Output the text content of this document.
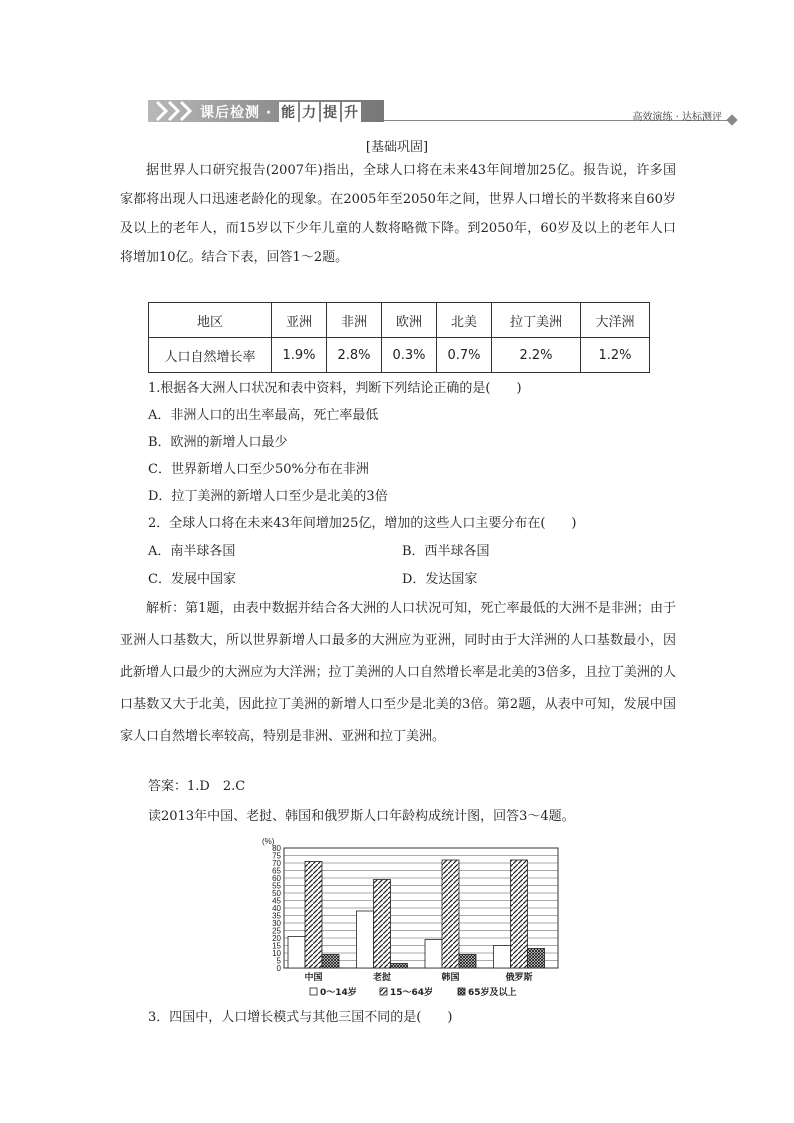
课后检测 · 能 力 提 升	高效演练 · 达标测评
[基础巩固]
据世界人口研究报告(2007年)指出，全球人口将在未来43年间增加25亿。报告说，许多国家都将出现人口迅速老龄化的现象。在2005年至2050年之间，世界人口增长的半数将来自60岁及以上的老年人，而15岁以下少年儿童的人数将略微下降。到2050年，60岁及以上的老年人口将增加10亿。结合下表，回答1～2题。
地区	亚洲	非洲	欧洲	北美	拉丁美洲	大洋洲
人口自然增长率	1.9%	2.8%	0.3%	0.7%	2.2%	1.2%
1.根据各大洲人口状况和表中资料，判断下列结论正确的是(　　)
A．非洲人口的出生率最高，死亡率最低
B．欧洲的新增人口最少
C．世界新增人口至少50%分布在非洲
D．拉丁美洲的新增人口至少是北美的3倍
2．全球人口将在未来43年间增加25亿，增加的这些人口主要分布在(　　)
A．南半球各国	B．西半球各国
C．发展中国家	D．发达国家
解析：第1题，由表中数据并结合各大洲的人口状况可知，死亡率最低的大洲不是非洲；由于亚洲人口基数大，所以世界新增人口最多的大洲应为亚洲，同时由于大洋洲的人口基数最小，因此新增人口最少的大洲应为大洋洲；拉丁美洲的人口自然增长率是北美的3倍多，且拉丁美洲的人口基数又大于北美，因此拉丁美洲的新增人口至少是北美的3倍。第2题，从表中可知，发展中国家人口自然增长率较高，特别是非洲、亚洲和拉丁美洲。
答案：1.D　2.C
读2013年中国、老挝、韩国和俄罗斯人口年龄构成统计图，回答3～4题。
0
5
10
15
20
25
30
35
40
45
50
55
60
65
70
75
80
(%)
中国	老挝	韩国	俄罗斯
0～14岁	15～64岁	65岁及以上
3．四国中，人口增长模式与其他三国不同的是(　　)
